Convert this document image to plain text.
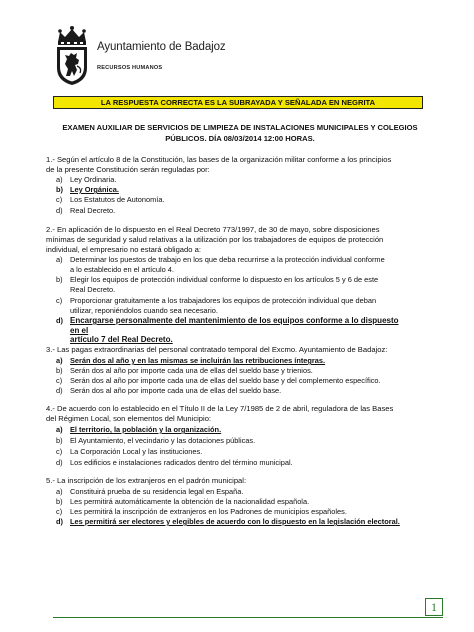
Ayuntamiento de Badajoz
RECURSOS HUMANOS
LA RESPUESTA CORRECTA ES LA SUBRAYADA Y SEÑALADA EN NEGRITA
EXAMEN AUXILIAR DE SERVICIOS DE LIMPIEZA DE INSTALACIONES MUNICIPALES Y COLEGIOS
PÚBLICOS. DÍA 08/03/2014 12:00 HORAS.
1.- Según el artículo 8 de la Constitución, las bases de la organización militar conforme a los principios
de la presente Constitución serán reguladas por:
a) Ley Ordinaria.
b) Ley Orgánica.
c) Los Estatutos de Autonomía.
d) Real Decreto.
2.- En aplicación de lo dispuesto en el Real Decreto 773/1997, de 30 de mayo, sobre disposiciones
mínimas de seguridad y salud relativas a la utilización por los trabajadores de equipos de protección
individual, el empresario no estará obligado a:
a) Determinar los puestos de trabajo en los que deba recurrirse a la protección individual conforme
a lo establecido en el artículo 4.
b) Elegir los equipos de protección individual conforme lo dispuesto en los artículos 5 y 6 de este
Real Decreto.
c) Proporcionar gratuitamente a los trabajadores los equipos de protección individual que deban
utilizar, reponiéndolos cuando sea necesario.
d) Encargarse personalmente del mantenimiento de los equipos conforme a lo dispuesto en el
artículo 7 del Real Decreto.
3.- Las pagas extraordinarias del personal contratado temporal del Excmo. Ayuntamiento de Badajoz:
a) Serán dos al año y en las mismas se incluirán las retribuciones íntegras.
b) Serán dos al año por importe cada una de ellas del sueldo base y trienios.
c) Serán dos al año por importe cada una de ellas del sueldo base y del complemento específico.
d) Serán dos al año por importe cada una de ellas del sueldo base.
4.- De acuerdo con lo establecido en el Título II de la Ley 7/1985 de 2 de abril, reguladora de las Bases
del Régimen Local, son elementos del Municipio:
a) El territorio, la población y la organización.
b) El Ayuntamiento, el vecindario y las dotaciones públicas.
c) La Corporación Local y las instituciones.
d) Los edificios e instalaciones radicados dentro del término municipal.
5.- La inscripción de los extranjeros en el padrón municipal:
a) Constituirá prueba de su residencia legal en España.
b) Les permitirá automáticamente la obtención de la nacionalidad española.
c) Les permitirá la inscripción de extranjeros en los Padrones de municipios españoles.
d) Les permitirá ser electores y elegibles de acuerdo con lo dispuesto en la legislación electoral.
1
